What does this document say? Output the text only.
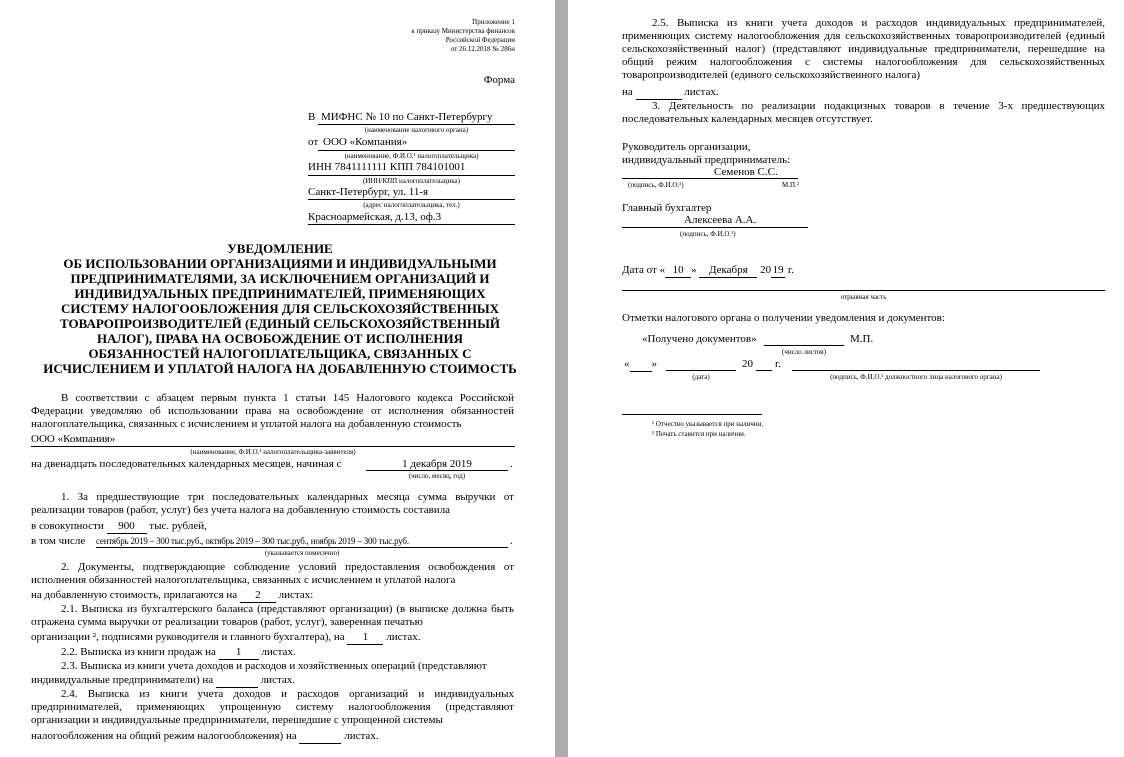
Приложение 1
к приказу Министерства финансов
Российской Федерации
от 26.12.2018 № 286н
Форма
В МИФНС № 10 по Санкт-Петербургу
(наименование налогового органа)
от ООО «Компания»
(наименование, Ф.И.О.¹ налогоплательщика)
ИНН 7841111111 КПП 784101001
(ИНН/КПП налогоплательщика)
Санкт-Петербург, ул. 11-я
(адрес налогоплательщика, тел.)
Красноармейская, д.13, оф.3
УВЕДОМЛЕНИЕ
ОБ ИСПОЛЬЗОВАНИИ ОРГАНИЗАЦИЯМИ И ИНДИВИДУАЛЬНЫМИ ПРЕДПРИНИМАТЕЛЯМИ, ЗА ИСКЛЮЧЕНИЕМ ОРГАНИЗАЦИЙ И ИНДИВИДУАЛЬНЫХ ПРЕДПРИНИМАТЕЛЕЙ, ПРИМЕНЯЮЩИХ СИСТЕМУ НАЛОГООБЛОЖЕНИЯ ДЛЯ СЕЛЬСКОХОЗЯЙСТВЕННЫХ ТОВАРОПРОИЗВОДИТЕЛЕЙ (ЕДИНЫЙ СЕЛЬСКОХОЗЯЙСТВЕННЫЙ НАЛОГ), ПРАВА НА ОСВОБОЖДЕНИЕ ОТ ИСПОЛНЕНИЯ ОБЯЗАННОСТЕЙ НАЛОГОПЛАТЕЛЬЩИКА, СВЯЗАННЫХ С ИСЧИСЛЕНИЕМ И УПЛАТОЙ НАЛОГА НА ДОБАВЛЕННУЮ СТОИМОСТЬ
В соответствии с абзацем первым пункта 1 статьи 145 Налогового кодекса Российской Федерации уведомляю об использовании права на освобождение от исполнения обязанностей налогоплательщика, связанных с исчислением и уплатой налога на добавленную стоимость
ООО «Компания»
(наименование, Ф.И.О.¹ налогоплательщика-заявителя)
на двенадцать последовательных календарных месяцев, начиная с	1 декабря 2019	.
(число, месяц, год)
1. За предшествующие три последовательных календарных месяца сумма выручки от реализации товаров (работ, услуг) без учета налога на добавленную стоимость составила
в совокупности 900 тыс. рублей,
в том числе сентябрь 2019 – 300 тыс.руб., октябрь 2019 – 300 тыс.руб., ноябрь 2019 – 300 тыс.руб.	.
(указывается помесячно)
2. Документы, подтверждающие соблюдение условий предоставления освобождения от исполнения обязанностей налогоплательщика, связанных с исчислением и уплатой налога
на добавленную стоимость, прилагаются на 2 листах:
2.1. Выписка из бухгалтерского баланса (представляют организации) (в выписке должна быть отражена сумма выручки от реализации товаров (работ, услуг), заверенная печатью
организации ², подписями руководителя и главного бухгалтера), на 1 листах.
2.2. Выписка из книги продаж на 1 листах.
2.3. Выписка из книги учета доходов и расходов и хозяйственных операций (представляют
индивидуальные предприниматели) на	листах.
2.4. Выписка из книги учета доходов и расходов организаций и индивидуальных предпринимателей, применяющих упрощенную систему налогообложения (представляют организации и индивидуальные предприниматели, перешедшие с упрощенной системы
налогообложения на общий режим налогообложения) на	листах.
2.5. Выписка из книги учета доходов и расходов индивидуальных предпринимателей, применяющих систему налогообложения для сельскохозяйственных товаропроизводителей (единый сельскохозяйственный налог) (представляют индивидуальные предприниматели, перешедшие на общий режим налогообложения с системы налогообложения для сельскохозяйственных товаропроизводителей (единого сельскохозяйственного налога)
на	листах.
3. Деятельность по реализации подакцизных товаров в течение 3-х предшествующих последовательных календарных месяцев отсутствует.
Руководитель организации,
индивидуальный предприниматель:
Семенов С.С.
(подпись, Ф.И.О.¹)	М.П.²
Главный бухгалтер
Алексеева А.А.
(подпись, Ф.И.О.¹)
Дата от « 10 » Декабря 20 19 г.
отрывная часть
Отметки налогового органа о получении уведомления и документов:
«Получено документов»	М.П.
(число листов)
« »	20 г.
(дата)	(подпись, Ф.И.О.¹ должностного лица налогового органа)
¹ Отчество указывается при наличии.
² Печать ставится при наличии.
